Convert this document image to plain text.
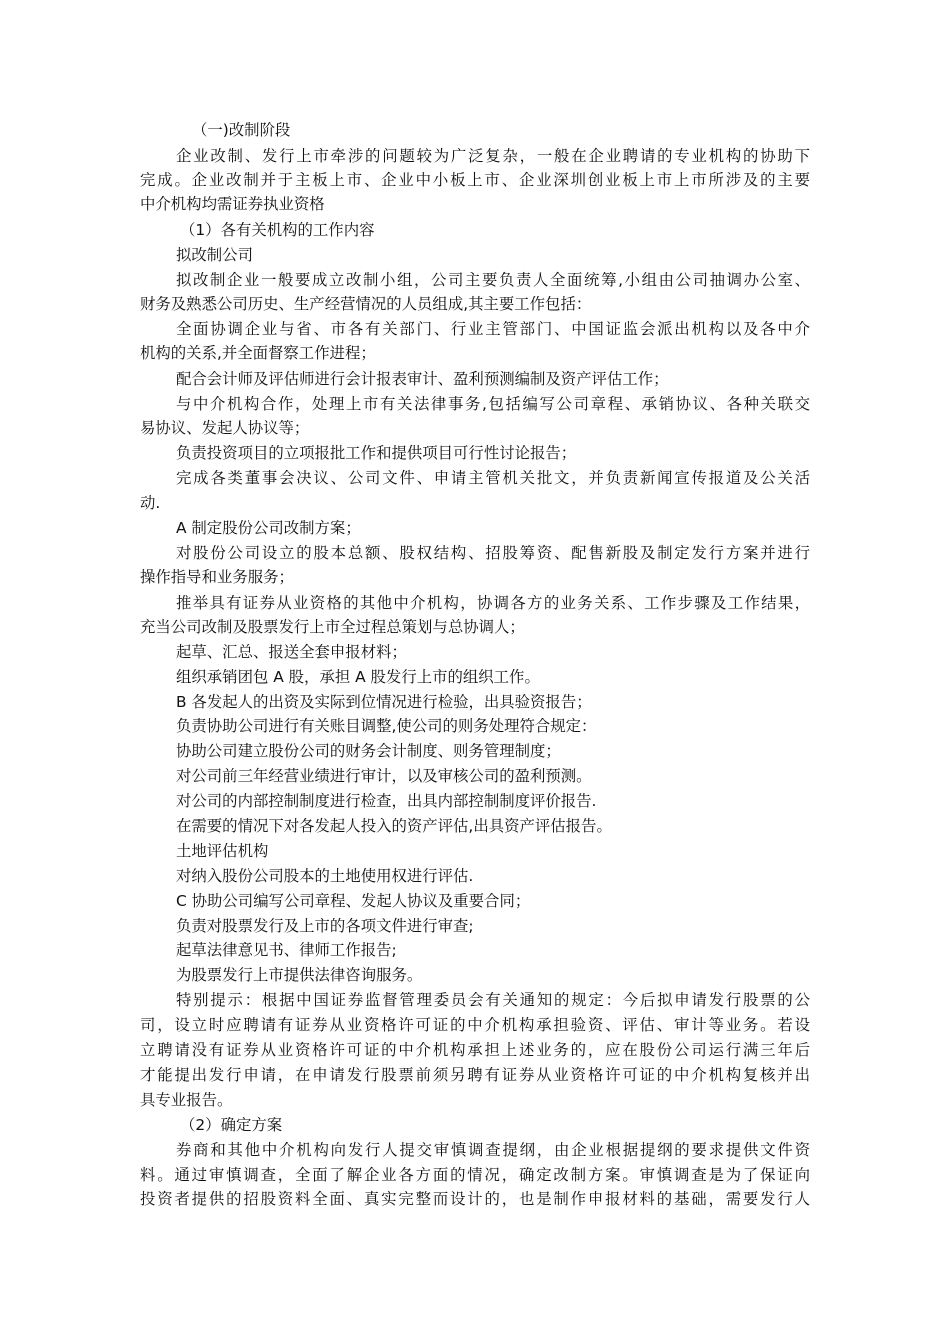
（一)改制阶段

企业改制、发行上市牵涉的问题较为广泛复杂，一般在企业聘请的专业机构的协助下

完成。企业改制并于主板上市、企业中小板上市、企业深圳创业板上市上市所涉及的主要

中介机构均需证券执业资格

（1）各有关机构的工作内容

拟改制公司

拟改制企业一般要成立改制小组，公司主要负责人全面统筹,小组由公司抽调办公室、

财务及熟悉公司历史、生产经营情况的人员组成,其主要工作包括：

全面协调企业与省、市各有关部门、行业主管部门、中国证监会派出机构以及各中介

机构的关系,并全面督察工作进程；

配合会计师及评估师进行会计报表审计、盈利预测编制及资产评估工作；

与中介机构合作，处理上市有关法律事务,包括编写公司章程、承销协议、各种关联交

易协议、发起人协议等；

负责投资项目的立项报批工作和提供项目可行性讨论报告；

完成各类董事会决议、公司文件、申请主管机关批文，并负责新闻宣传报道及公关活

动.

A 制定股份公司改制方案；

对股份公司设立的股本总额、股权结构、招股筹资、配售新股及制定发行方案并进行

操作指导和业务服务；

推举具有证券从业资格的其他中介机构，协调各方的业务关系、工作步骤及工作结果，

充当公司改制及股票发行上市全过程总策划与总协调人；

起草、汇总、报送全套申报材料；

组织承销团包 A 股，承担 A 股发行上市的组织工作。

B 各发起人的出资及实际到位情况进行检验，出具验资报告；

负责协助公司进行有关账目调整,使公司的则务处理符合规定：

协助公司建立股份公司的财务会计制度、则务管理制度；

对公司前三年经营业绩进行审计，以及审核公司的盈利预测。

对公司的内部控制制度进行检查，出具内部控制制度评价报告.

在需要的情况下对各发起人投入的资产评估,出具资产评估报告。

土地评估机构

对纳入股份公司股本的土地使用权进行评估.

C 协助公司编写公司章程、发起人协议及重要合同；

负责对股票发行及上市的各项文件进行审查;

起草法律意见书、律师工作报告;

为股票发行上市提供法律咨询服务。

特别提示：根据中国证券监督管理委员会有关通知的规定：今后拟申请发行股票的公

司，设立时应聘请有证券从业资格许可证的中介机构承担验资、评估、审计等业务。若设

立聘请没有证券从业资格许可证的中介机构承担上述业务的，应在股份公司运行满三年后

才能提出发行申请，在申请发行股票前须另聘有证券从业资格许可证的中介机构复核并出

具专业报告。

（2）确定方案

券商和其他中介机构向发行人提交审慎调查提纲，由企业根据提纲的要求提供文件资

料。通过审慎调查，全面了解企业各方面的情况，确定改制方案。审慎调查是为了保证向

投资者提供的招股资料全面、真实完整而设计的，也是制作申报材料的基础，需要发行人
